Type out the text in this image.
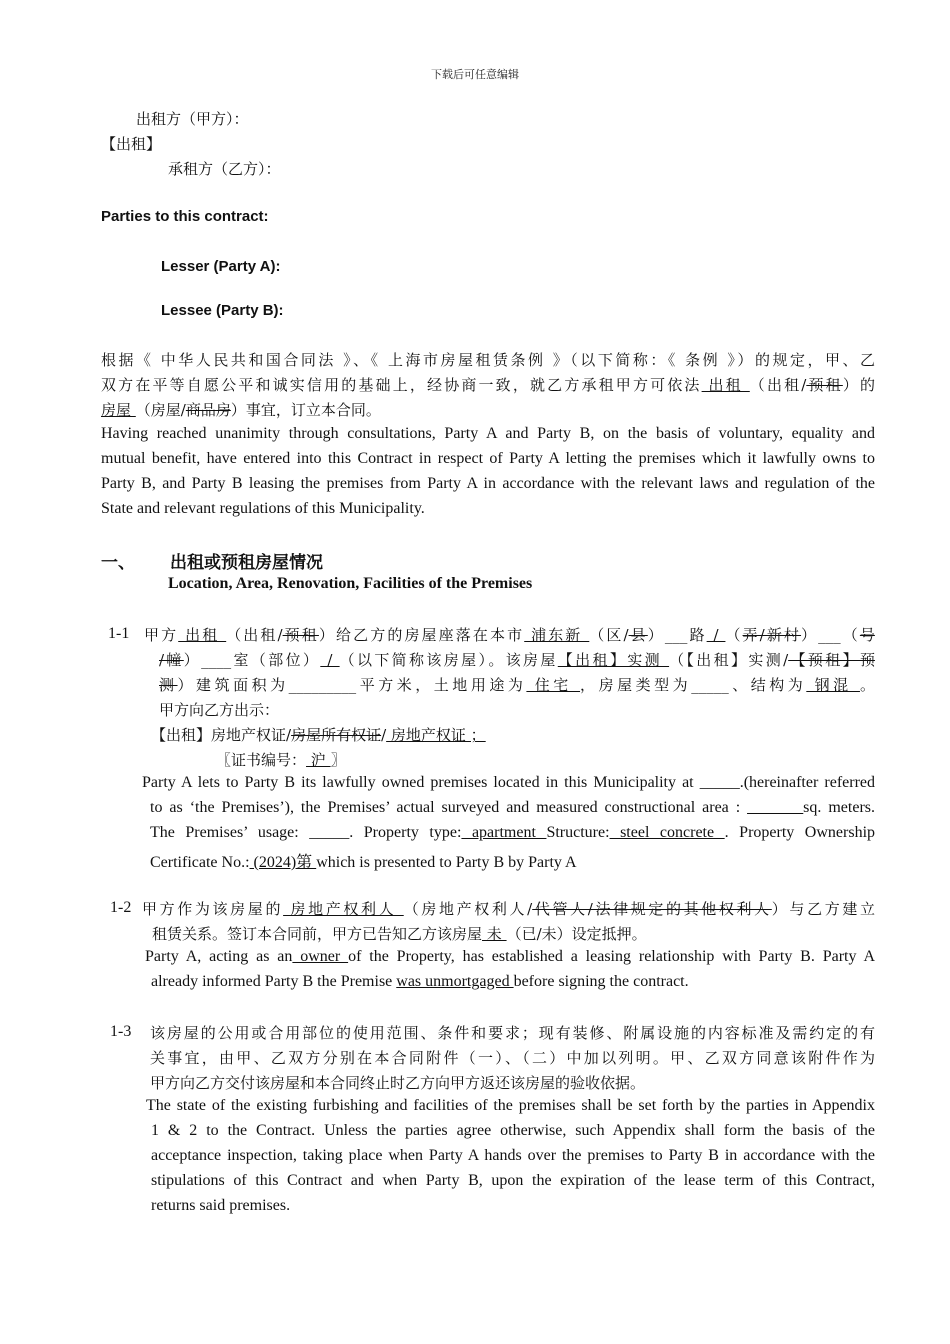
下载后可任意编辑
出租方（甲方）：
【出租】
承租方（乙方）：
Parties to this contract:
Lesser (Party A):
Lessee (Party B):
根据《 中华人民共和国合同法 》、《 上海市房屋租赁条例 》（以下简称：《 条例 》）的规定，甲、乙
双方在平等自愿公平和诚实信用的基础上，经协商一致，就乙方承租甲方可依法 出租 （出租/预租）的
房屋 （房屋/商品房）事宜，订立本合同。
Having reached unanimity through consultations, Party A and Party B, on the basis of voluntary, equality and
mutual benefit, have entered into this Contract in respect of Party A letting the premises which it lawfully owns to
Party B, and Party B leasing the premises from Party A in accordance with the relevant laws and regulation of the
State and relevant regulations of this Municipality.
一、 出租或预租房屋情况
Location, Area, Renovation, Facilities of the Premises
1-1 甲方 出租 （出租/预租）给乙方的房屋座落在本市 浦东新 （区/县）___路 / （弄/新村）___（号
/幢）____室（部位） / （以下简称该房屋）。该房屋【出租】实测 （【出租】实测/【预租】预
测）建筑面积为_________平方米，土地用途为 住宅 ，房屋类型为_____、结构为 钢混 。
甲方向乙方出示：
【出租】房地产权证/房屋所有权证/ 房地产权证 ；
〖证书编号： 沪 〗
Party A lets to Party B its lawfully owned premises located in this Municipality at _____.(hereinafter referred
to as ‘the Premises’), the Premises’ actual surveyed and measured constructional area : _______sq. meters.
The Premises’ usage: _____. Property type: apartment Structure: steel concrete . Property Ownership
Certificate No.: (2024)第 which is presented to Party B by Party A
1-2 甲方作为该房屋的 房地产权利人 （房地产权利人/代管人/法律规定的其他权利人）与乙方建立
租赁关系。签订本合同前，甲方已告知乙方该房屋 未 （已/未）设定抵押。
Party A, acting as an owner of the Property, has established a leasing relationship with Party B. Party A
already informed Party B the Premise was unmortgaged before signing the contract.
1-3 该房屋的公用或合用部位的使用范围、条件和要求；现有装修、附属设施的内容标准及需约定的有
关事宜，由甲、乙双方分别在本合同附件（一）、（二）中加以列明。甲、乙双方同意该附件作为
甲方向乙方交付该房屋和本合同终止时乙方向甲方返还该房屋的验收依据。
The state of the existing furbishing and facilities of the premises shall be set forth by the parties in Appendix
1 & 2 to the Contract. Unless the parties agree otherwise, such Appendix shall form the basis of the
acceptance inspection, taking place when Party A hands over the premises to Party B in accordance with the
stipulations of this Contract and when Party B, upon the expiration of the lease term of this Contract,
returns said premises.
